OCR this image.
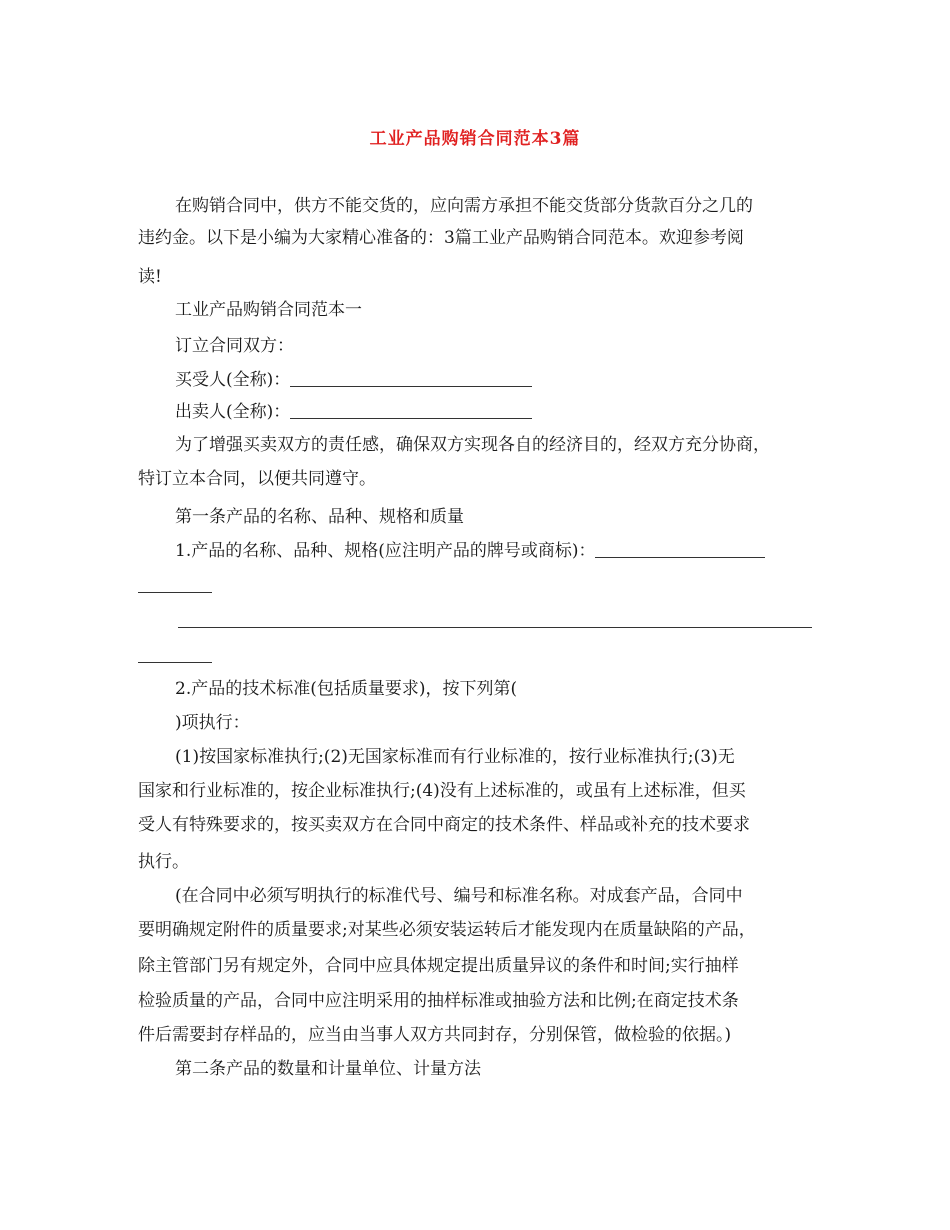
工业产品购销合同范本3篇
在购销合同中，供方不能交货的，应向需方承担不能交货部分货款百分之几的
违约金。以下是小编为大家精心准备的：3篇工业产品购销合同范本。欢迎参考阅
读!
工业产品购销合同范本一
订立合同双方：
买受人(全称)：
出卖人(全称)：
为了增强买卖双方的责任感，确保双方实现各自的经济目的，经双方充分协商，
特订立本合同，以便共同遵守。
第一条产品的名称、品种、规格和质量
1.产品的名称、品种、规格(应注明产品的牌号或商标)：
2.产品的技术标准(包括质量要求)，按下列第(
)项执行：
(1)按国家标准执行;(2)无国家标准而有行业标准的，按行业标准执行;(3)无
国家和行业标准的，按企业标准执行;(4)没有上述标准的，或虽有上述标准，但买
受人有特殊要求的，按买卖双方在合同中商定的技术条件、样品或补充的技术要求
执行。
(在合同中必须写明执行的标准代号、编号和标准名称。对成套产品，合同中
要明确规定附件的质量要求;对某些必须安装运转后才能发现内在质量缺陷的产品，
除主管部门另有规定外，合同中应具体规定提出质量异议的条件和时间;实行抽样
检验质量的产品，合同中应注明采用的抽样标准或抽验方法和比例;在商定技术条
件后需要封存样品的，应当由当事人双方共同封存，分别保管，做检验的依据。)
第二条产品的数量和计量单位、计量方法
